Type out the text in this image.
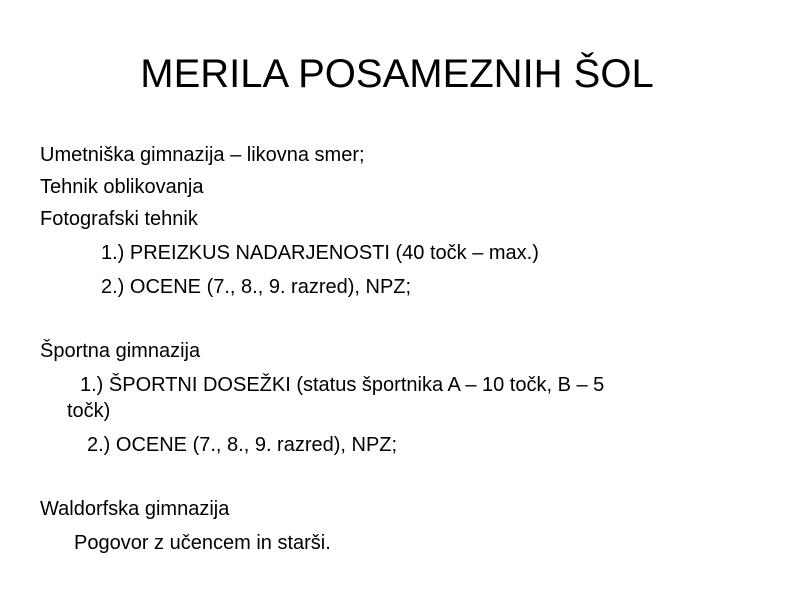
MERILA POSAMEZNIH ŠOL
Umetniška gimnazija – likovna smer;
Tehnik oblikovanja
Fotografski tehnik
1.) PREIZKUS NADARJENOSTI (40 točk – max.)
2.) OCENE (7., 8., 9. razred), NPZ;
Športna gimnazija
1.) ŠPORTNI DOSEŽKI (status športnika A – 10 točk, B – 5
točk)
2.) OCENE (7., 8., 9. razred), NPZ;
Waldorfska gimnazija
Pogovor z učencem in starši.
